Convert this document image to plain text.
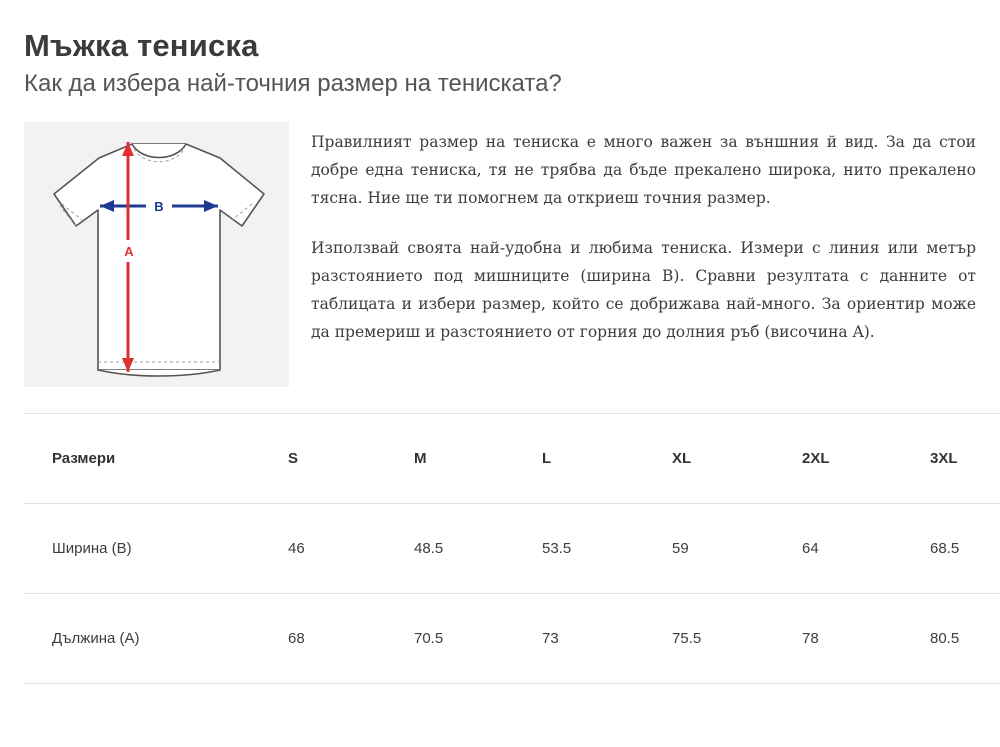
Мъжка тениска
Как да избера най-точния размер на тениската?
B
A

Правилният размер на тениска е много важен за външния й вид. За да стои добре една тениска, тя не трябва да бъде прекалено широка, нито прекалено тясна. Ние ще ти помогнем да откриеш точния размер.

Използвай своята най-удобна и любима тениска. Измери с линия или метър разстоянието под мишниците (ширина B). Сравни резултата с данните от таблицата и избери размер, който се добрижава най-много. За ориентир може да премериш и разстоянието от горния до долния ръб (височина A).

Размери	S	M	L	XL	2XL	3XL
Ширина (B)	46	48.5	53.5	59	64	68.5
Дължина (A)	68	70.5	73	75.5	78	80.5
